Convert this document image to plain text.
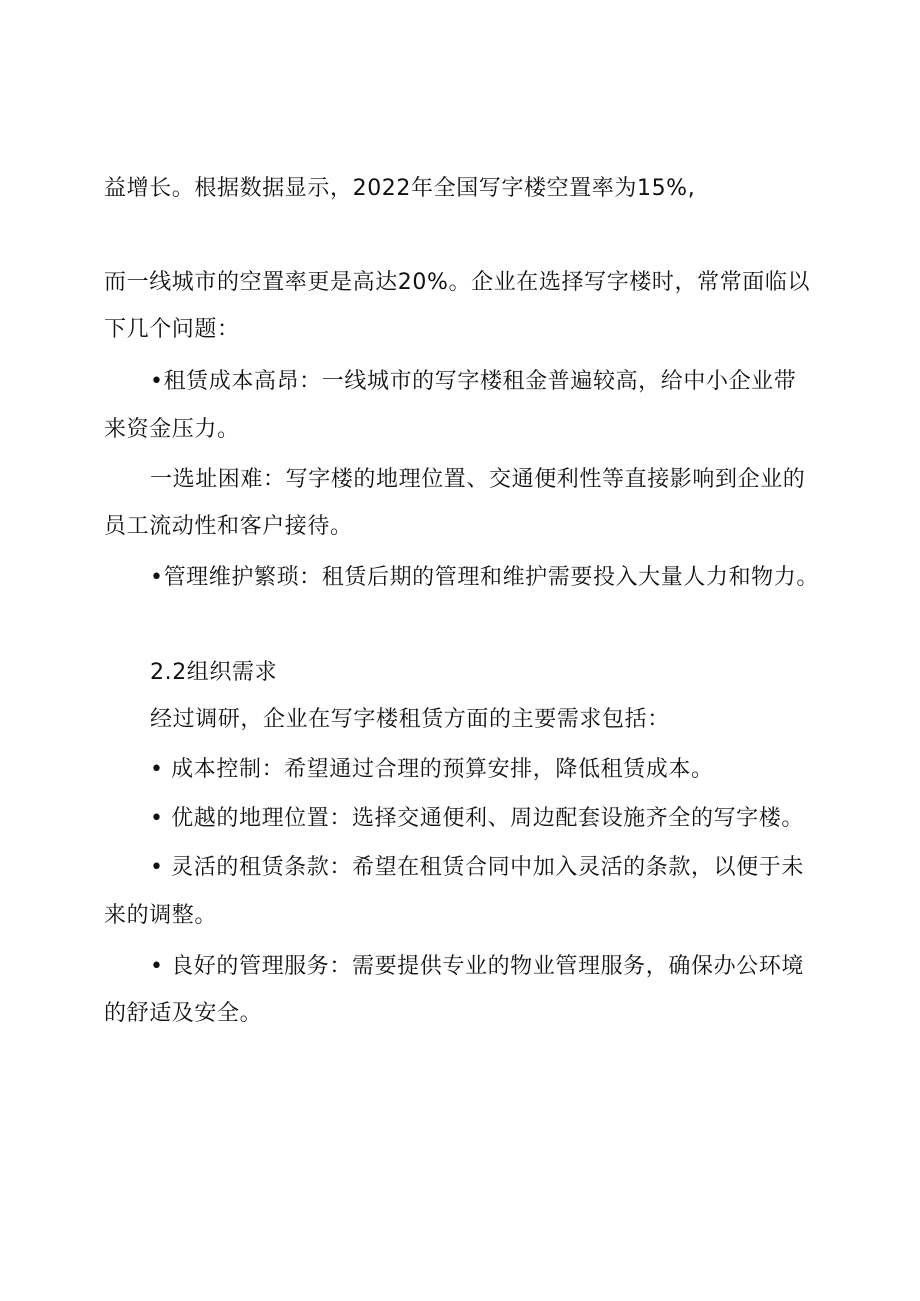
益增长。根据数据显示，2022年全国写字楼空置率为15%,
而一线城市的空置率更是高达20%。企业在选择写字楼时，常常面临以
下几个问题：
•租赁成本高昂：一线城市的写字楼租金普遍较高，给中小企业带
来资金压力。
一选址困难：写字楼的地理位置、交通便利性等直接影响到企业的
员工流动性和客户接待。
•管理维护繁琐：租赁后期的管理和维护需要投入大量人力和物力。
2.2组织需求
经过调研，企业在写字楼租赁方面的主要需求包括：
• 成本控制：希望通过合理的预算安排，降低租赁成本。
• 优越的地理位置：选择交通便利、周边配套设施齐全的写字楼。
• 灵活的租赁条款：希望在租赁合同中加入灵活的条款，以便于未
来的调整。
• 良好的管理服务：需要提供专业的物业管理服务，确保办公环境
的舒适及安全。
